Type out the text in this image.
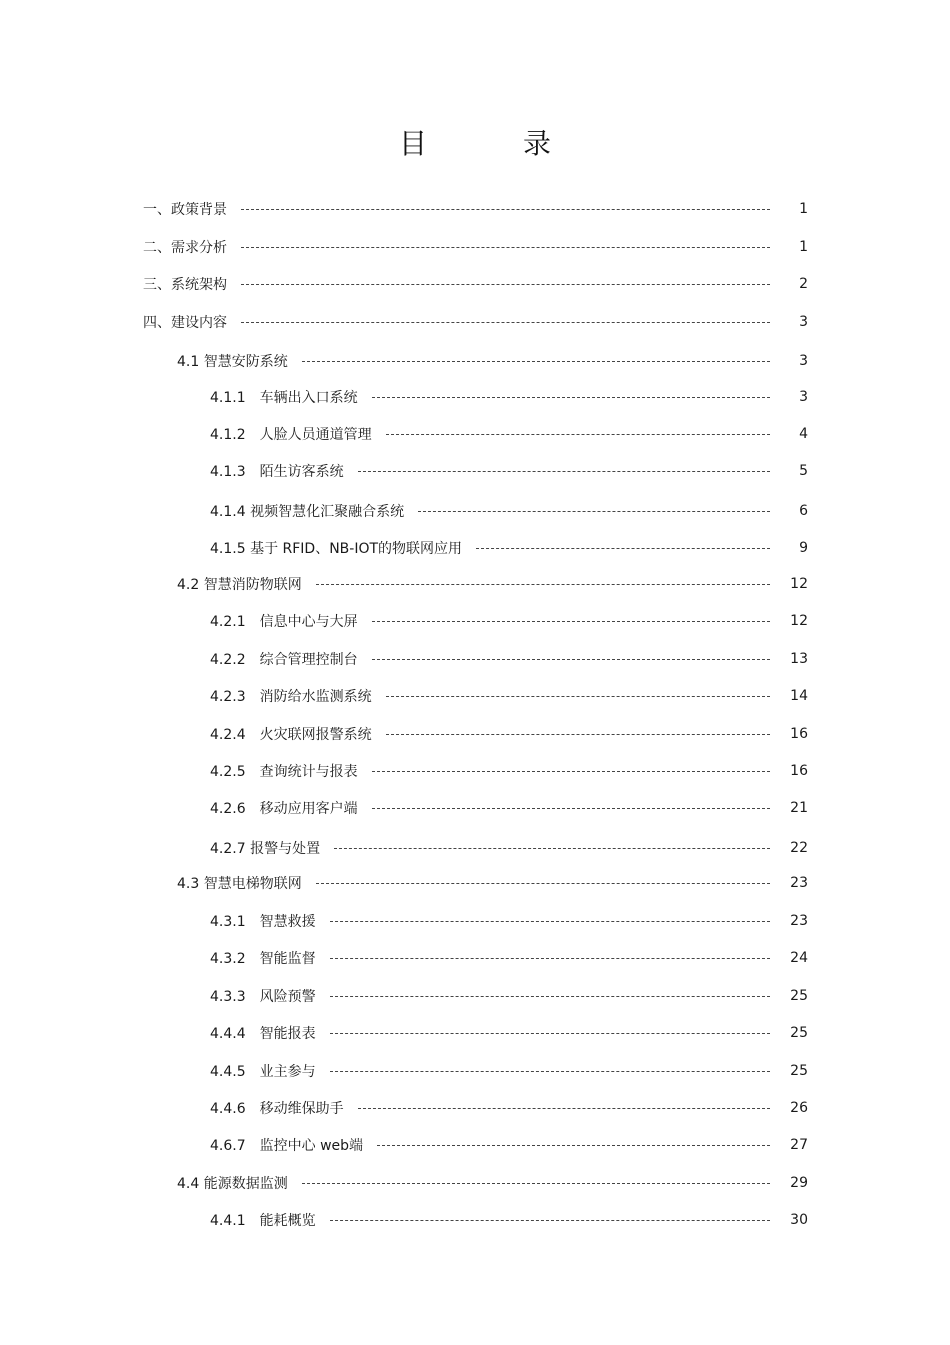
目　录
一、政策背景	1
二、需求分析	1
三、系统架构	2
四、建设内容	3
4.1 智慧安防系统	3
4.1.1　车辆出入口系统	3
4.1.2　人脸人员通道管理	4
4.1.3　陌生访客系统	5
4.1.4 视频智慧化汇聚融合系统	6
4.1.5 基于 RFID、NB-IOT的物联网应用	9
4.2 智慧消防物联网	12
4.2.1　信息中心与大屏	12
4.2.2　综合管理控制台	13
4.2.3　消防给水监测系统	14
4.2.4　火灾联网报警系统	16
4.2.5　查询统计与报表	16
4.2.6　移动应用客户端	21
4.2.7 报警与处置	22
4.3 智慧电梯物联网	23
4.3.1　智慧救援	23
4.3.2　智能监督	24
4.3.3　风险预警	25
4.4.4　智能报表	25
4.4.5　业主参与	25
4.4.6　移动维保助手	26
4.6.7　监控中心 web端	27
4.4 能源数据监测	29
4.4.1　能耗概览	30
